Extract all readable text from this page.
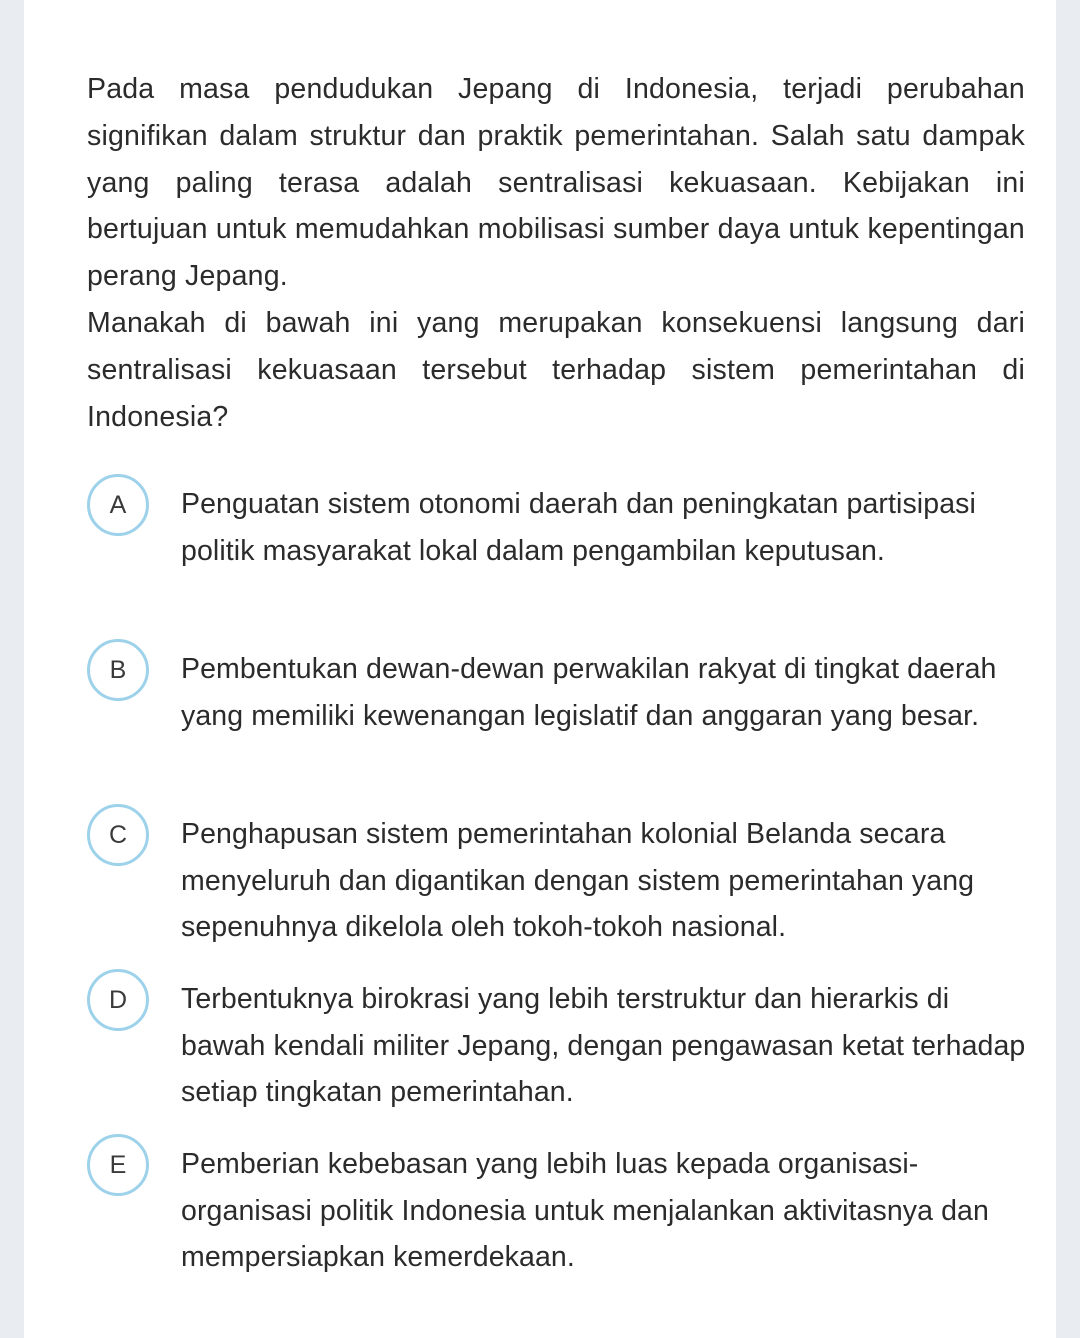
Pada masa pendudukan Jepang di Indonesia, terjadi perubahan signifikan dalam struktur dan praktik pemerintahan. Salah satu dampak yang paling terasa adalah sentralisasi kekuasaan. Kebijakan ini bertujuan untuk memudahkan mobilisasi sumber daya untuk kepentingan perang Jepang.

Manakah di bawah ini yang merupakan konsekuensi langsung dari sentralisasi kekuasaan tersebut terhadap sistem pemerintahan di Indonesia?

A	Penguatan sistem otonomi daerah dan peningkatan partisipasi politik masyarakat lokal dalam pengambilan keputusan.
B	Pembentukan dewan-dewan perwakilan rakyat di tingkat daerah yang memiliki kewenangan legislatif dan anggaran yang besar.
C	Penghapusan sistem pemerintahan kolonial Belanda secara menyeluruh dan digantikan dengan sistem pemerintahan yang sepenuhnya dikelola oleh tokoh-tokoh nasional.
D	Terbentuknya birokrasi yang lebih terstruktur dan hierarkis di bawah kendali militer Jepang, dengan pengawasan ketat terhadap setiap tingkatan pemerintahan.
E	Pemberian kebebasan yang lebih luas kepada organisasi-organisasi politik Indonesia untuk menjalankan aktivitasnya dan mempersiapkan kemerdekaan.
